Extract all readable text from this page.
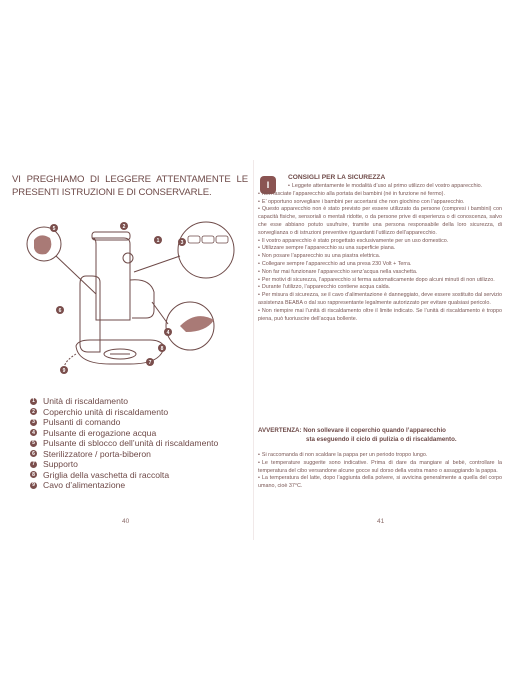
VI PREGHIAMO DI LEGGERE ATTENTAMENTE LE PRESENTI ISTRUZIONI E DI CONSERVARLE.
5	2
1	3
6
4
8
7
9
1 Unità di riscaldamento
2 Coperchio unità di riscaldamento
3 Pulsanti di comando
4 Pulsante di erogazione acqua
5 Pulsante di sblocco dell’unità di riscaldamento
6 Sterilizzatore / porta-biberon
7 Supporto
8 Griglia della vaschetta di raccolta
9 Cavo d’alimentazione
40
I
CONSIGLI PER LA SICUREZZA
• Leggete attentamente le modalità d’uso al primo utilizzo del vostro apparecchio.
• Non lasciate l’apparecchio alla portata dei bambini (né in funzione né fermo).
• E’ opportuno sorvegliare i bambini per accertarsi che non giochino con l’apparecchio.
• Questo apparecchio non è stato previsto per essere utilizzato da persone (compresi i bambini) con capacità fisiche, sensoriali o mentali ridotte, o da persone prive di esperienza o di conoscenza, salvo che esse abbiano potuto usufruire, tramite una persona responsabile della loro sicurezza, di sorveglianza o di istruzioni preventive riguardanti l’utilizzo dell’apparecchio.
• Il vostro apparecchio è stato progettato esclusivamente per un uso domestico.
• Utilizzare sempre l’apparecchio su una superficie piana.
• Non posare l’apparecchio su una piastra elettrica.
• Collegare sempre l’apparecchio ad una presa 230 Volt + Terra.
• Non far mai funzionare l’apparecchio senz’acqua nella vaschetta.
• Per motivi di sicurezza, l’apparecchio si ferma automaticamente dopo alcuni minuti di non utilizzo.
• Durante l’utilizzo, l’apparecchio contiene acqua calda.
• Per misura di sicurezza, se il cavo d’alimentazione è danneggiato, deve essere sostituito dal servizio assistenza BEABA o dal suo rappresentante legalmente autorizzato per evitare qualsiasi pericolo.
• Non riempire mai l’unità di riscaldamento oltre il limite indicato. Se l’unità di riscaldamento è troppo piena, può fuoriuscire dell’acqua bollente.
AVVERTENZA: Non sollevare il coperchio quando l’apparecchio
sta eseguendo il ciclo di pulizia o di riscaldamento.
• Si raccomanda di non scaldare la pappa per un periodo troppo lungo.
• Le temperature suggerite sono indicative. Prima di dare da mangiare al bebè, controllare la temperatura del cibo versandone alcune gocce sul dorso della vostra mano o assaggiando la pappa.
• La temperatura del latte, dopo l’aggiunta della polvere, si avvicina generalmente a quella del corpo umano, cioè 37°C.
41
